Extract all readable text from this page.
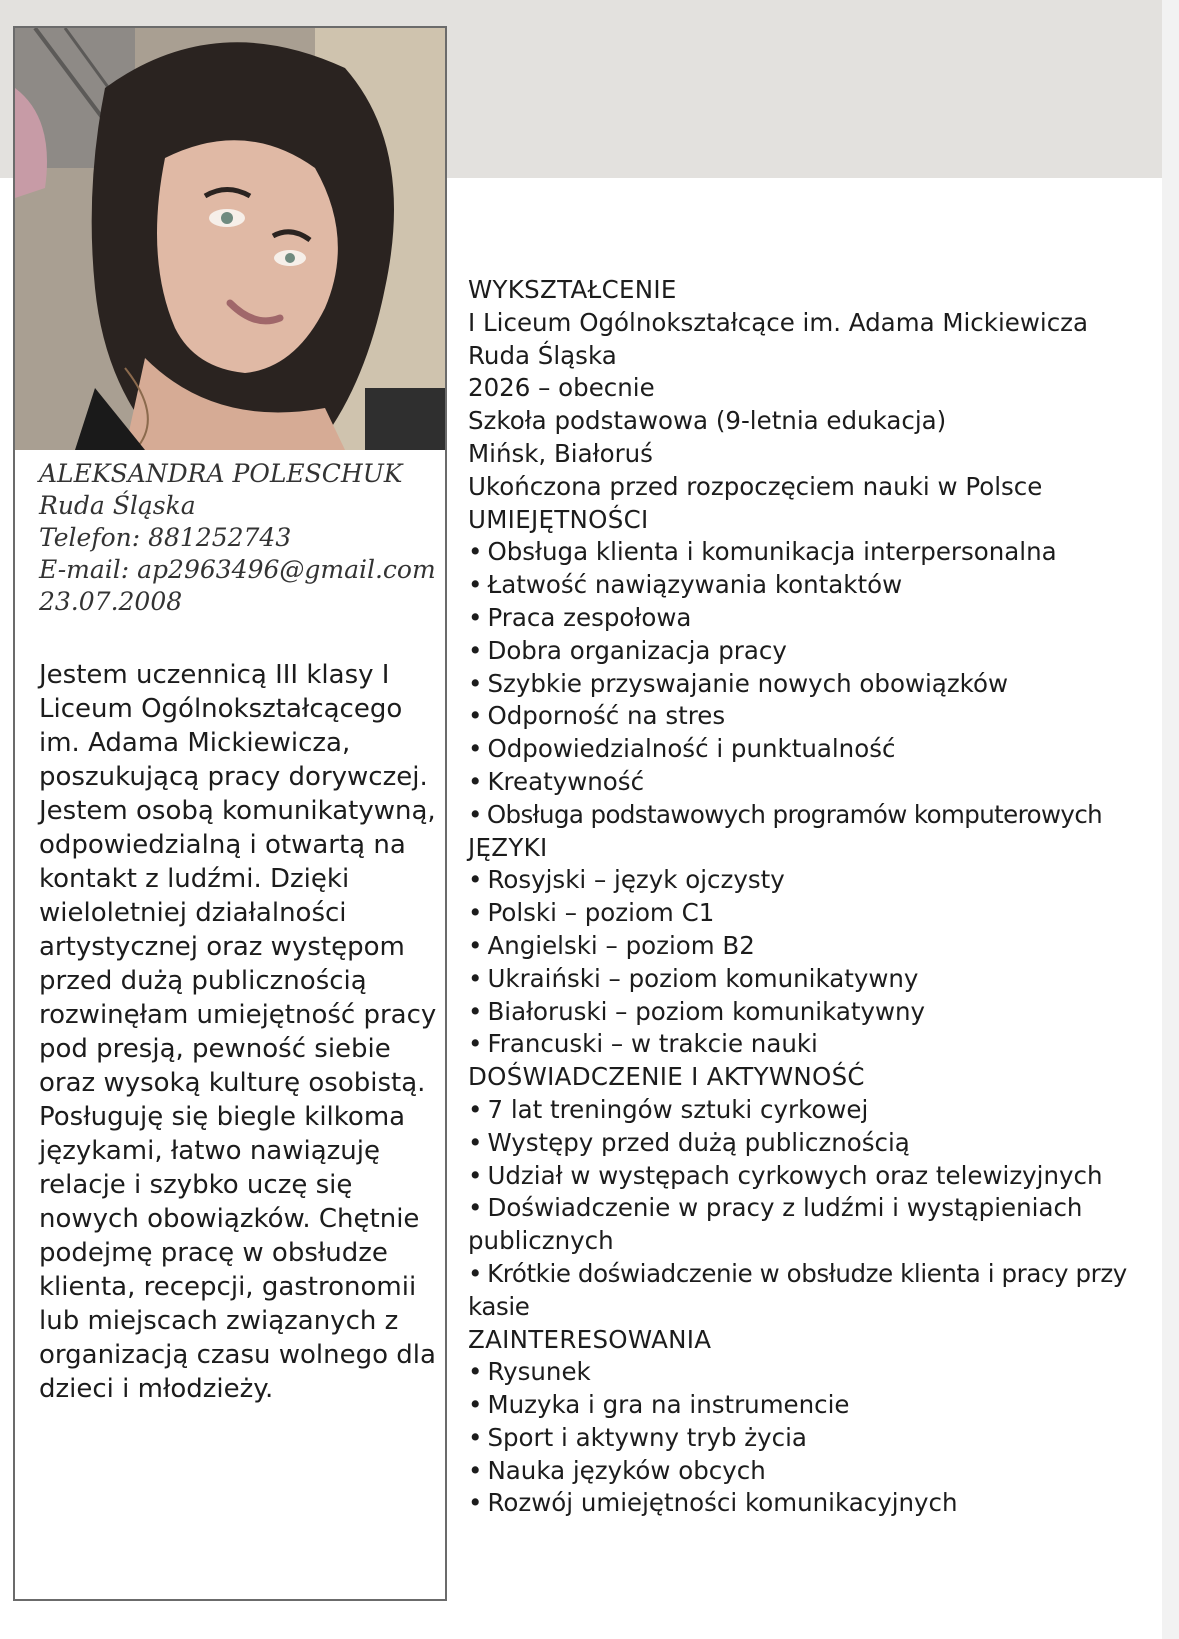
ALEKSANDRA POLESCHUK

Ruda Śląska

Telefon: 881252743

E-mail: ap2963496@gmail.com

23.07.2008

Jestem uczennicą III klasy I Liceum Ogólnokształcącego im. Adama Mickiewicza, poszukującą pracy dorywczej. Jestem osobą komunikatywną, odpowiedzialną i otwartą na kontakt z ludźmi. Dzięki wieloletniej działalności artystycznej oraz występom przed dużą publicznością rozwinęłam umiejętność pracy pod presją, pewność siebie oraz wysoką kulturę osobistą.

Posługuję się biegle kilkoma językami, łatwo nawiązuję relacje i szybko uczę się nowych obowiązków. Chętnie podejmę pracę w obsłudze klienta, recepcji, gastronomii lub miejscach związanych z organizacją czasu wolnego dla dzieci i młodzieży.

WYKSZTAŁCENIE

I Liceum Ogólnokształcące im. Adama Mickiewicza

Ruda Śląska

2026 – obecnie

Szkoła podstawowa (9-letnia edukacja)

Mińsk, Białoruś

Ukończona przed rozpoczęciem nauki w Polsce

UMIEJĘTNOŚCI

• Obsługa klienta i komunikacja interpersonalna

• Łatwość nawiązywania kontaktów

• Praca zespołowa

• Dobra organizacja pracy

• Szybkie przyswajanie nowych obowiązków

• Odporność na stres

• Odpowiedzialność i punktualność

• Kreatywność

• Obsługa podstawowych programów komputerowych

JĘZYKI

• Rosyjski – język ojczysty

• Polski – poziom C1

• Angielski – poziom B2

• Ukraiński – poziom komunikatywny

• Białoruski – poziom komunikatywny

• Francuski – w trakcie nauki

DOŚWIADCZENIE I AKTYWNOŚĆ

• 7 lat treningów sztuki cyrkowej

• Występy przed dużą publicznością

• Udział w występach cyrkowych oraz telewizyjnych

• Doświadczenie w pracy z ludźmi i wystąpieniach publicznych

• Krótkie doświadczenie w obsłudze klienta i pracy przy kasie

ZAINTERESOWANIA

• Rysunek

• Muzyka i gra na instrumencie

• Sport i aktywny tryb życia

• Nauka języków obcych

• Rozwój umiejętności komunikacyjnych
